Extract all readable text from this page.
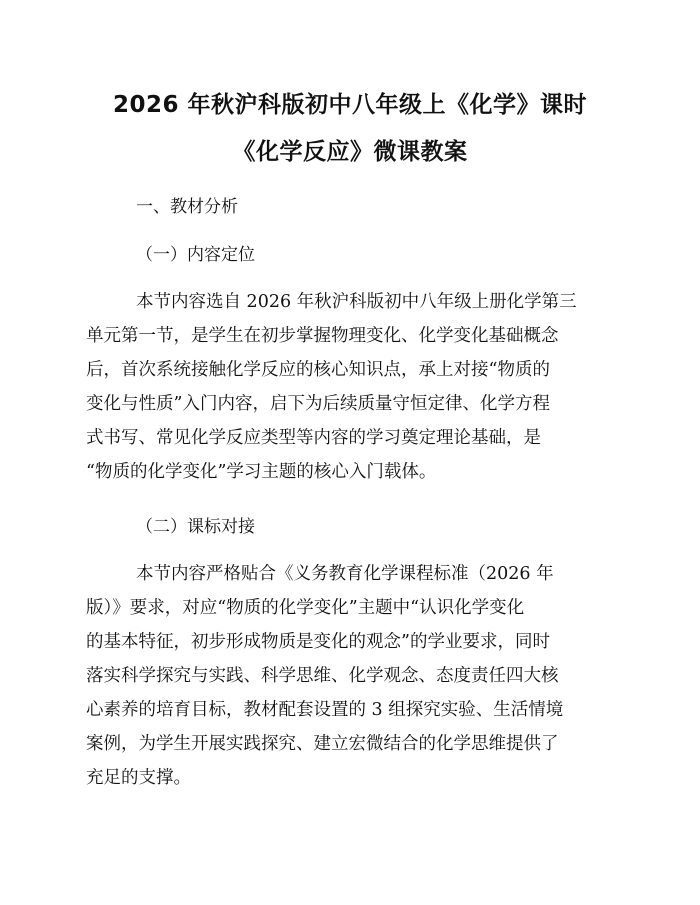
2026 年秋沪科版初中八年级上《化学》课时
《化学反应》微课教案
一、教材分析
（一）内容定位
本节内容选自 2026 年秋沪科版初中八年级上册化学第三
单元第一节，是学生在初步掌握物理变化、化学变化基础概念
后，首次系统接触化学反应的核心知识点，承上对接“物质的
变化与性质”入门内容，启下为后续质量守恒定律、化学方程
式书写、常见化学反应类型等内容的学习奠定理论基础，是
“物质的化学变化”学习主题的核心入门载体。
（二）课标对接
本节内容严格贴合《义务教育化学课程标准（2026 年
版）》要求，对应“物质的化学变化”主题中“认识化学变化
的基本特征，初步形成物质是变化的观念”的学业要求，同时
落实科学探究与实践、科学思维、化学观念、态度责任四大核
心素养的培育目标，教材配套设置的 3 组探究实验、生活情境
案例，为学生开展实践探究、建立宏微结合的化学思维提供了
充足的支撑。
